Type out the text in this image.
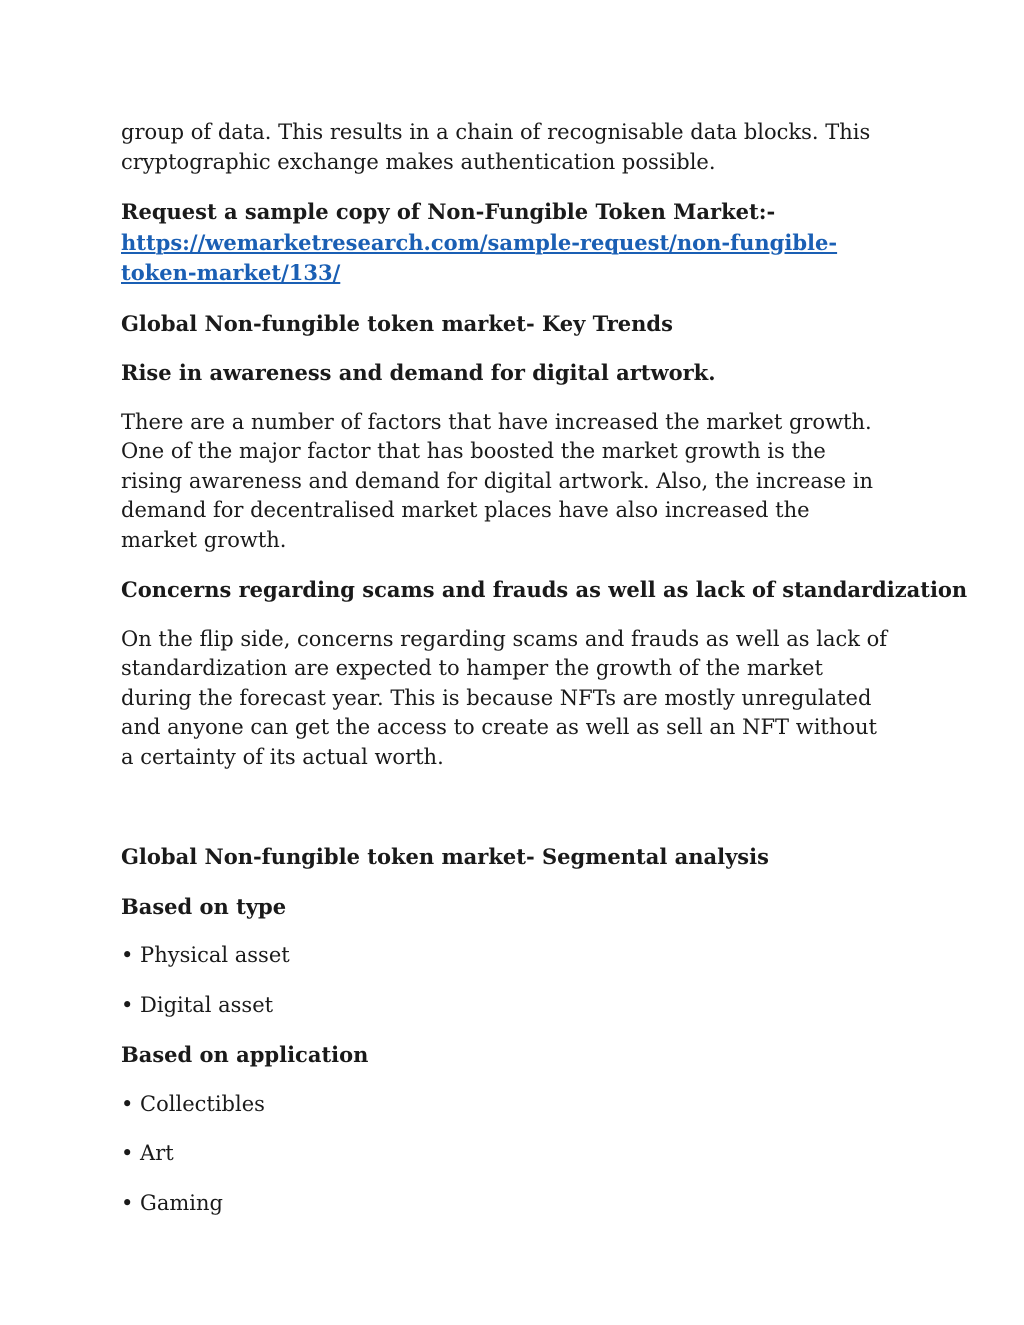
group of data. This results in a chain of recognisable data blocks. This cryptographic exchange makes authentication possible.

Request a sample copy of Non-Fungible Token Market:- https://wemarketresearch.com/sample-request/non-fungible-token-market/133/

Global Non-fungible token market- Key Trends

Rise in awareness and demand for digital artwork.

There are a number of factors that have increased the market growth. One of the major factor that has boosted the market growth is the rising awareness and demand for digital artwork. Also, the increase in demand for decentralised market places have also increased the market growth.

Concerns regarding scams and frauds as well as lack of standardization

On the flip side, concerns regarding scams and frauds as well as lack of standardization are expected to hamper the growth of the market during the forecast year. This is because NFTs are mostly unregulated and anyone can get the access to create as well as sell an NFT without a certainty of its actual worth.

Global Non-fungible token market- Segmental analysis

Based on type

• Physical asset

• Digital asset

Based on application

• Collectibles

• Art

• Gaming
